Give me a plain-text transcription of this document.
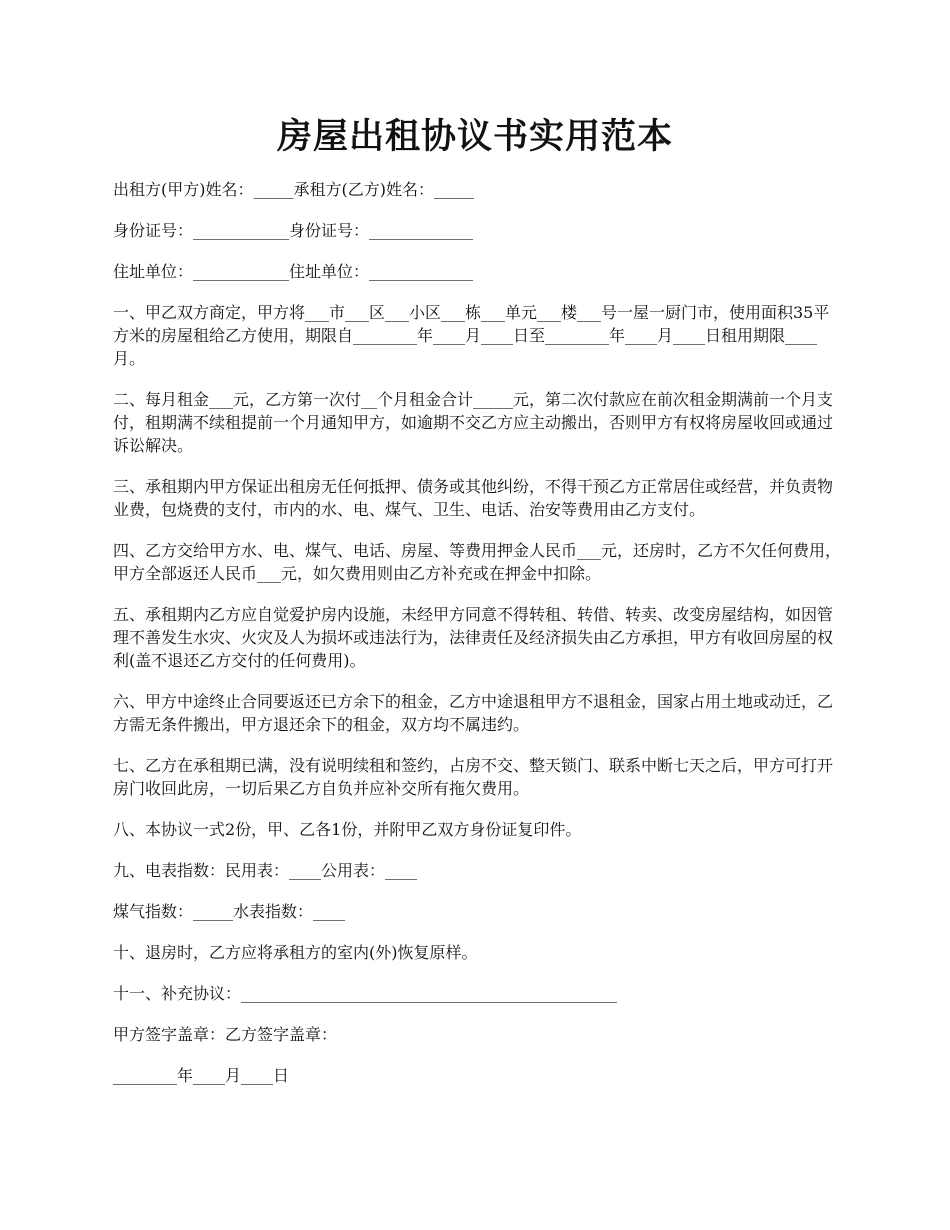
房屋出租协议书实用范本

出租方(甲方)姓名：_____承租方(乙方)姓名：_____

身份证号：____________身份证号：_____________

住址单位：____________住址单位：_____________

一、甲乙双方商定，甲方将___市___区___小区___栋___单元___楼___号一屋一厨门市，使用面积35平方米的房屋租给乙方使用，期限自________年____月____日至________年____月____日租用期限____月。

二、每月租金___元，乙方第一次付__个月租金合计_____元，第二次付款应在前次租金期满前一个月支付，租期满不续租提前一个月通知甲方，如逾期不交乙方应主动搬出，否则甲方有权将房屋收回或通过诉讼解决。

三、承租期内甲方保证出租房无任何抵押、债务或其他纠纷，不得干预乙方正常居住或经营，并负责物业费，包烧费的支付，市内的水、电、煤气、卫生、电话、治安等费用由乙方支付。

四、乙方交给甲方水、电、煤气、电话、房屋、等费用押金人民币___元，还房时，乙方不欠任何费用，甲方全部返还人民币___元，如欠费用则由乙方补充或在押金中扣除。

五、承租期内乙方应自觉爱护房内设施，未经甲方同意不得转租、转借、转卖、改变房屋结构，如因管理不善发生水灾、火灾及人为损坏或违法行为，法律责任及经济损失由乙方承担，甲方有收回房屋的权利(盖不退还乙方交付的任何费用)。

六、甲方中途终止合同要返还已方余下的租金，乙方中途退租甲方不退租金，国家占用土地或动迁，乙方需无条件搬出，甲方退还余下的租金，双方均不属违约。

七、乙方在承租期已满，没有说明续租和签约，占房不交、整天锁门、联系中断七天之后，甲方可打开房门收回此房，一切后果乙方自负并应补交所有拖欠费用。

八、本协议一式2份，甲、乙各1份，并附甲乙双方身份证复印件。

九、电表指数：民用表：____公用表：____

煤气指数：_____水表指数：____

十、退房时，乙方应将承租方的室内(外)恢复原样。

十一、补充协议：_______________________________________________

甲方签字盖章：乙方签字盖章：

________年____月____日
